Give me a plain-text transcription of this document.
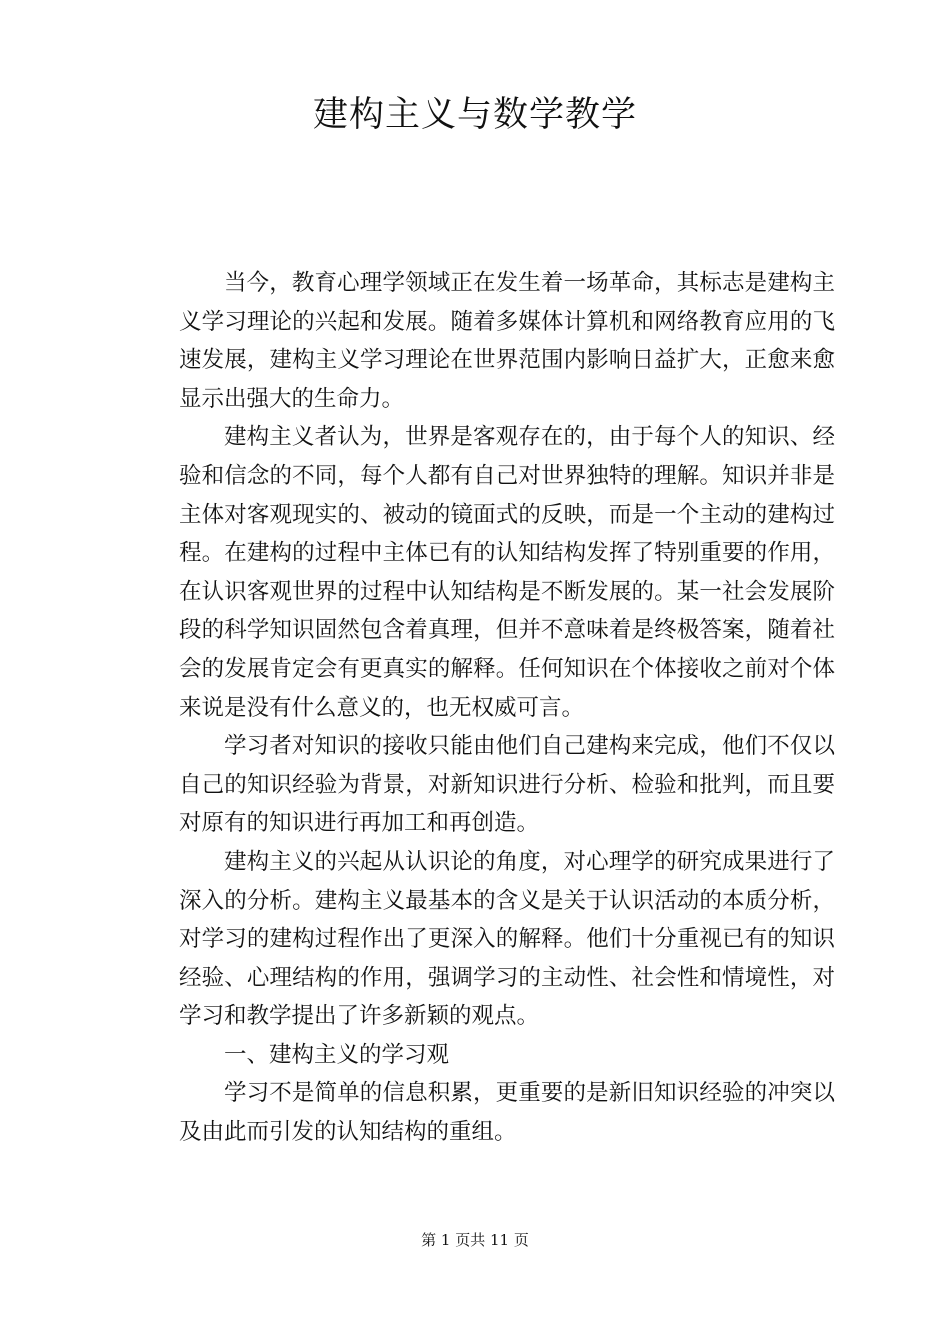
建构主义与数学教学

当今，教育心理学领域正在发生着一场革命，其标志是建构主义学习理论的兴起和发展。随着多媒体计算机和网络教育应用的飞速发展，建构主义学习理论在世界范围内影响日益扩大，正愈来愈显示出强大的生命力。

建构主义者认为，世界是客观存在的，由于每个人的知识、经验和信念的不同，每个人都有自己对世界独特的理解。知识并非是主体对客观现实的、被动的镜面式的反映，而是一个主动的建构过程。在建构的过程中主体已有的认知结构发挥了特别重要的作用，在认识客观世界的过程中认知结构是不断发展的。某一社会发展阶段的科学知识固然包含着真理，但并不意味着是终极答案，随着社会的发展肯定会有更真实的解释。任何知识在个体接收之前对个体来说是没有什么意义的，也无权威可言。

学习者对知识的接收只能由他们自己建构来完成，他们不仅以自己的知识经验为背景，对新知识进行分析、检验和批判，而且要对原有的知识进行再加工和再创造。

建构主义的兴起从认识论的角度，对心理学的研究成果进行了深入的分析。建构主义最基本的含义是关于认识活动的本质分析，对学习的建构过程作出了更深入的解释。他们十分重视已有的知识经验、心理结构的作用，强调学习的主动性、社会性和情境性，对学习和教学提出了许多新颖的观点。

一、建构主义的学习观

学习不是简单的信息积累，更重要的是新旧知识经验的冲突以及由此而引发的认知结构的重组。

第 1 页共 11 页
